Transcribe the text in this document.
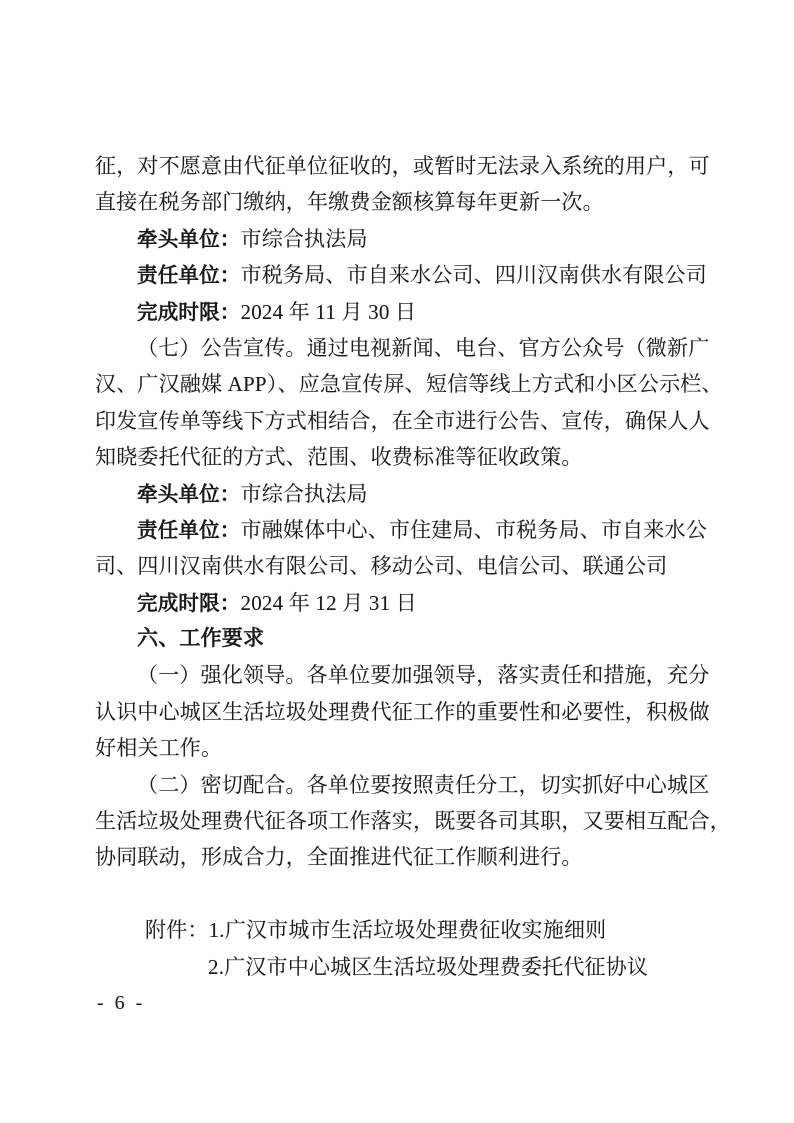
征，对不愿意由代征单位征收的，或暂时无法录入系统的用户，可
直接在税务部门缴纳，年缴费金额核算每年更新一次。
牵头单位：市综合执法局
责任单位：市税务局、市自来水公司、四川汉南供水有限公司
完成时限：2024 年 11 月 30 日
（七）公告宣传。通过电视新闻、电台、官方公众号（微新广
汉、广汉融媒 APP）、应急宣传屏、短信等线上方式和小区公示栏、
印发宣传单等线下方式相结合，在全市进行公告、宣传，确保人人
知晓委托代征的方式、范围、收费标准等征收政策。
牵头单位：市综合执法局
责任单位：市融媒体中心、市住建局、市税务局、市自来水公
司、四川汉南供水有限公司、移动公司、电信公司、联通公司
完成时限：2024 年 12 月 31 日
六、工作要求
（一）强化领导。各单位要加强领导，落实责任和措施，充分
认识中心城区生活垃圾处理费代征工作的重要性和必要性，积极做
好相关工作。
（二）密切配合。各单位要按照责任分工，切实抓好中心城区
生活垃圾处理费代征各项工作落实，既要各司其职，又要相互配合，
协同联动，形成合力，全面推进代征工作顺利进行。
附件：1.广汉市城市生活垃圾处理费征收实施细则
2.广汉市中心城区生活垃圾处理费委托代征协议
- 6 -
